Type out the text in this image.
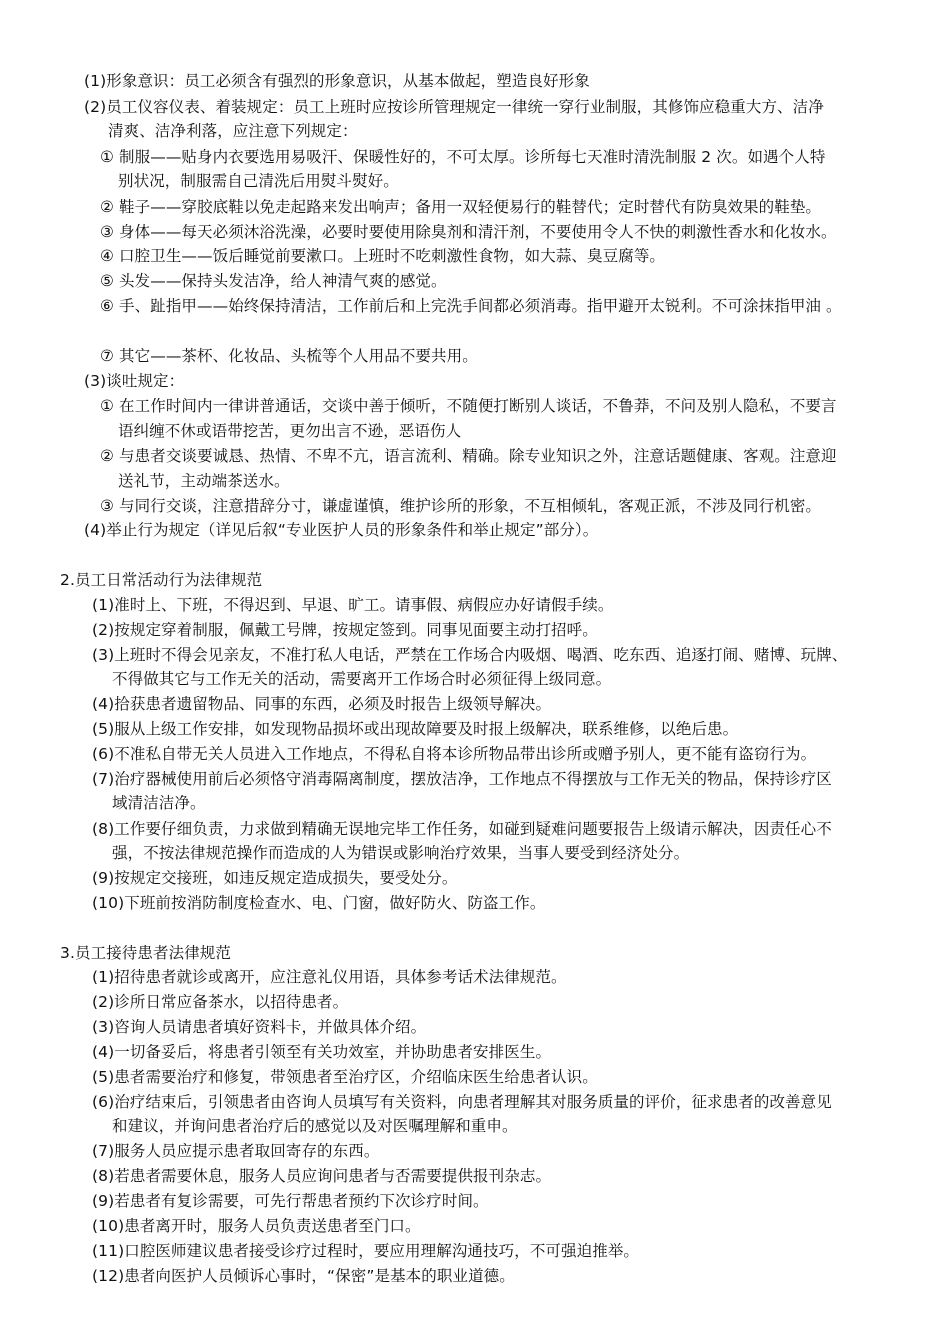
(1)形象意识：员工必须含有强烈的形象意识，从基本做起，塑造良好形象
(2)员工仪容仪表、着装规定：员工上班时应按诊所管理规定一律统一穿行业制服，其修饰应稳重大方、洁净
清爽、洁净利落，应注意下列规定：
① 制服——贴身内衣要选用易吸汗、保暖性好的，不可太厚。诊所每七天准时清洗制服 2 次。如遇个人特
别状况，制服需自己清洗后用熨斗熨好。
② 鞋子——穿胶底鞋以免走起路来发出响声；备用一双轻便易行的鞋替代；定时替代有防臭效果的鞋垫。
③ 身体——每天必须沐浴洗澡，必要时要使用除臭剂和清汗剂，不要使用令人不快的刺激性香水和化妆水。
④ 口腔卫生——饭后睡觉前要漱口。上班时不吃刺激性食物，如大蒜、臭豆腐等。
⑤ 头发——保持头发洁净，给人神清气爽的感觉。
⑥ 手、趾指甲——始终保持清洁，工作前后和上完洗手间都必须消毒。指甲避开太锐利。不可涂抹指甲油 。
⑦ 其它——茶杯、化妆品、头梳等个人用品不要共用。
(3)谈吐规定：
① 在工作时间内一律讲普通话，交谈中善于倾听，不随便打断别人谈话，不鲁莽，不问及别人隐私，不要言
语纠缠不休或语带挖苦，更勿出言不逊，恶语伤人
② 与患者交谈要诚恳、热情、不卑不亢，语言流利、精确。除专业知识之外，注意话题健康、客观。注意迎
送礼节，主动端茶送水。
③ 与同行交谈，注意措辞分寸，谦虚谨慎，维护诊所的形象，不互相倾轧，客观正派，不涉及同行机密。
(4)举止行为规定（详见后叙“专业医护人员的形象条件和举止规定”部分）。
2.员工日常活动行为法律规范
(1)准时上、下班，不得迟到、早退、旷工。请事假、病假应办好请假手续。
(2)按规定穿着制服，佩戴工号牌，按规定签到。同事见面要主动打招呼。
(3)上班时不得会见亲友，不准打私人电话，严禁在工作场合内吸烟、喝酒、吃东西、追逐打闹、赌博、玩牌、
不得做其它与工作无关的活动，需要离开工作场合时必须征得上级同意。
(4)拾获患者遗留物品、同事的东西，必须及时报告上级领导解决。
(5)服从上级工作安排，如发现物品损坏或出现故障要及时报上级解决，联系维修，以绝后患。
(6)不准私自带无关人员进入工作地点，不得私自将本诊所物品带出诊所或赠予别人，更不能有盗窃行为。
(7)治疗器械使用前后必须恪守消毒隔离制度，摆放洁净，工作地点不得摆放与工作无关的物品，保持诊疗区
域清洁洁净。
(8)工作要仔细负责，力求做到精确无误地完毕工作任务，如碰到疑难问题要报告上级请示解决，因责任心不
强，不按法律规范操作而造成的人为错误或影响治疗效果，当事人要受到经济处分。
(9)按规定交接班，如违反规定造成损失，要受处分。
(10)下班前按消防制度检查水、电、门窗，做好防火、防盗工作。
3.员工接待患者法律规范
(1)招待患者就诊或离开，应注意礼仪用语，具体参考话术法律规范。
(2)诊所日常应备茶水，以招待患者。
(3)咨询人员请患者填好资料卡，并做具体介绍。
(4)一切备妥后，将患者引领至有关功效室，并协助患者安排医生。
(5)患者需要治疗和修复，带领患者至治疗区，介绍临床医生给患者认识。
(6)治疗结束后，引领患者由咨询人员填写有关资料，向患者理解其对服务质量的评价，征求患者的改善意见
和建议，并询问患者治疗后的感觉以及对医嘱理解和重申。
(7)服务人员应提示患者取回寄存的东西。
(8)若患者需要休息，服务人员应询问患者与否需要提供报刊杂志。
(9)若患者有复诊需要，可先行帮患者预约下次诊疗时间。
(10)患者离开时，服务人员负责送患者至门口。
(11)口腔医师建议患者接受诊疗过程时，要应用理解沟通技巧，不可强迫推举。
(12)患者向医护人员倾诉心事时，“保密”是基本的职业道德。
